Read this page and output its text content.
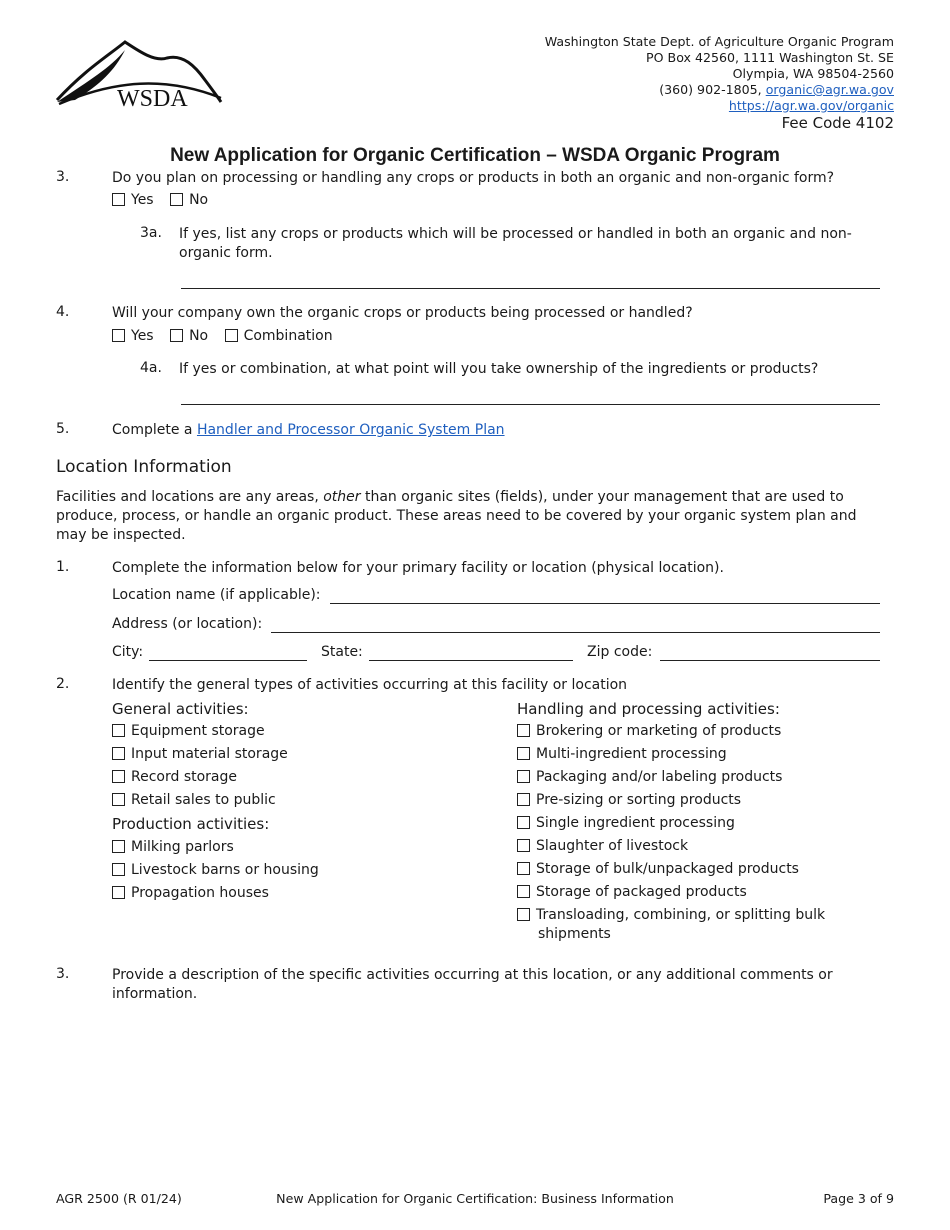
WSDA
Washington State Dept. of Agriculture Organic Program
PO Box 42560, 1111 Washington St. SE
Olympia, WA 98504-2560
(360) 902-1805, organic@agr.wa.gov
https://agr.wa.gov/organic
Fee Code 4102
New Application for Organic Certification – WSDA Organic Program
3.	Do you plan on processing or handling any crops or products in both an organic and non-organic form?
Yes	No
3a. If yes, list any crops or products which will be processed or handled in both an organic and non-organic form.
4.	Will your company own the organic crops or products being processed or handled?
Yes	No	Combination
4a. If yes or combination, at what point will you take ownership of the ingredients or products?
5.	Complete a Handler and Processor Organic System Plan
Location Information
Facilities and locations are any areas, other than organic sites (fields), under your management that are used to produce, process, or handle an organic product. These areas need to be covered by your organic system plan and may be inspected.
1.	Complete the information below for your primary facility or location (physical location).
Location name (if applicable):
Address (or location):
City:	State:	Zip code:
2.	Identify the general types of activities occurring at this facility or location
General activities:
Equipment storage
Input material storage
Record storage
Retail sales to public
Production activities:
Milking parlors
Livestock barns or housing
Propagation houses
Handling and processing activities:
Brokering or marketing of products
Multi-ingredient processing
Packaging and/or labeling products
Pre-sizing or sorting products
Single ingredient processing
Slaughter of livestock
Storage of bulk/unpackaged products
Storage of packaged products
Transloading, combining, or splitting bulk shipments
3.	Provide a description of the specific activities occurring at this location, or any additional comments or information.
AGR 2500 (R 01/24)	New Application for Organic Certification: Business Information	Page 3 of 9
